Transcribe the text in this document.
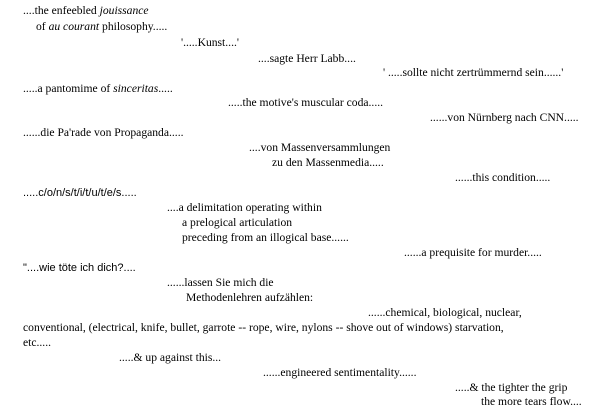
....the enfeebled jouissance
of au courant philosophy.....
'.....Kunst....'
....sagte Herr Labb....
' .....sollte nicht zertrümmernd sein......'
.....a pantomime of sinceritas.....
.....the motive's muscular coda.....
......von Nürnberg nach CNN.....
......die Pa'rade von Propaganda.....
....von Massenversammlungen
zu den Massenmedia.....
......this condition.....
.....c/o/n/s/t/i/t/u/t/e/s.....
....a delimitation operating within
a prelogical articulation
preceding from an illogical base......
......a prequisite for murder.....
"....wie töte ich dich?....
......lassen Sie mich die
Methodenlehren aufzählen:
......chemical, biological, nuclear,
conventional, (electrical, knife, bullet, garrote -- rope, wire, nylons -- shove out of windows) starvation,
etc.....
.....& up against this...
......engineered sentimentality......
.....& the tighter the grip
the more tears flow....
